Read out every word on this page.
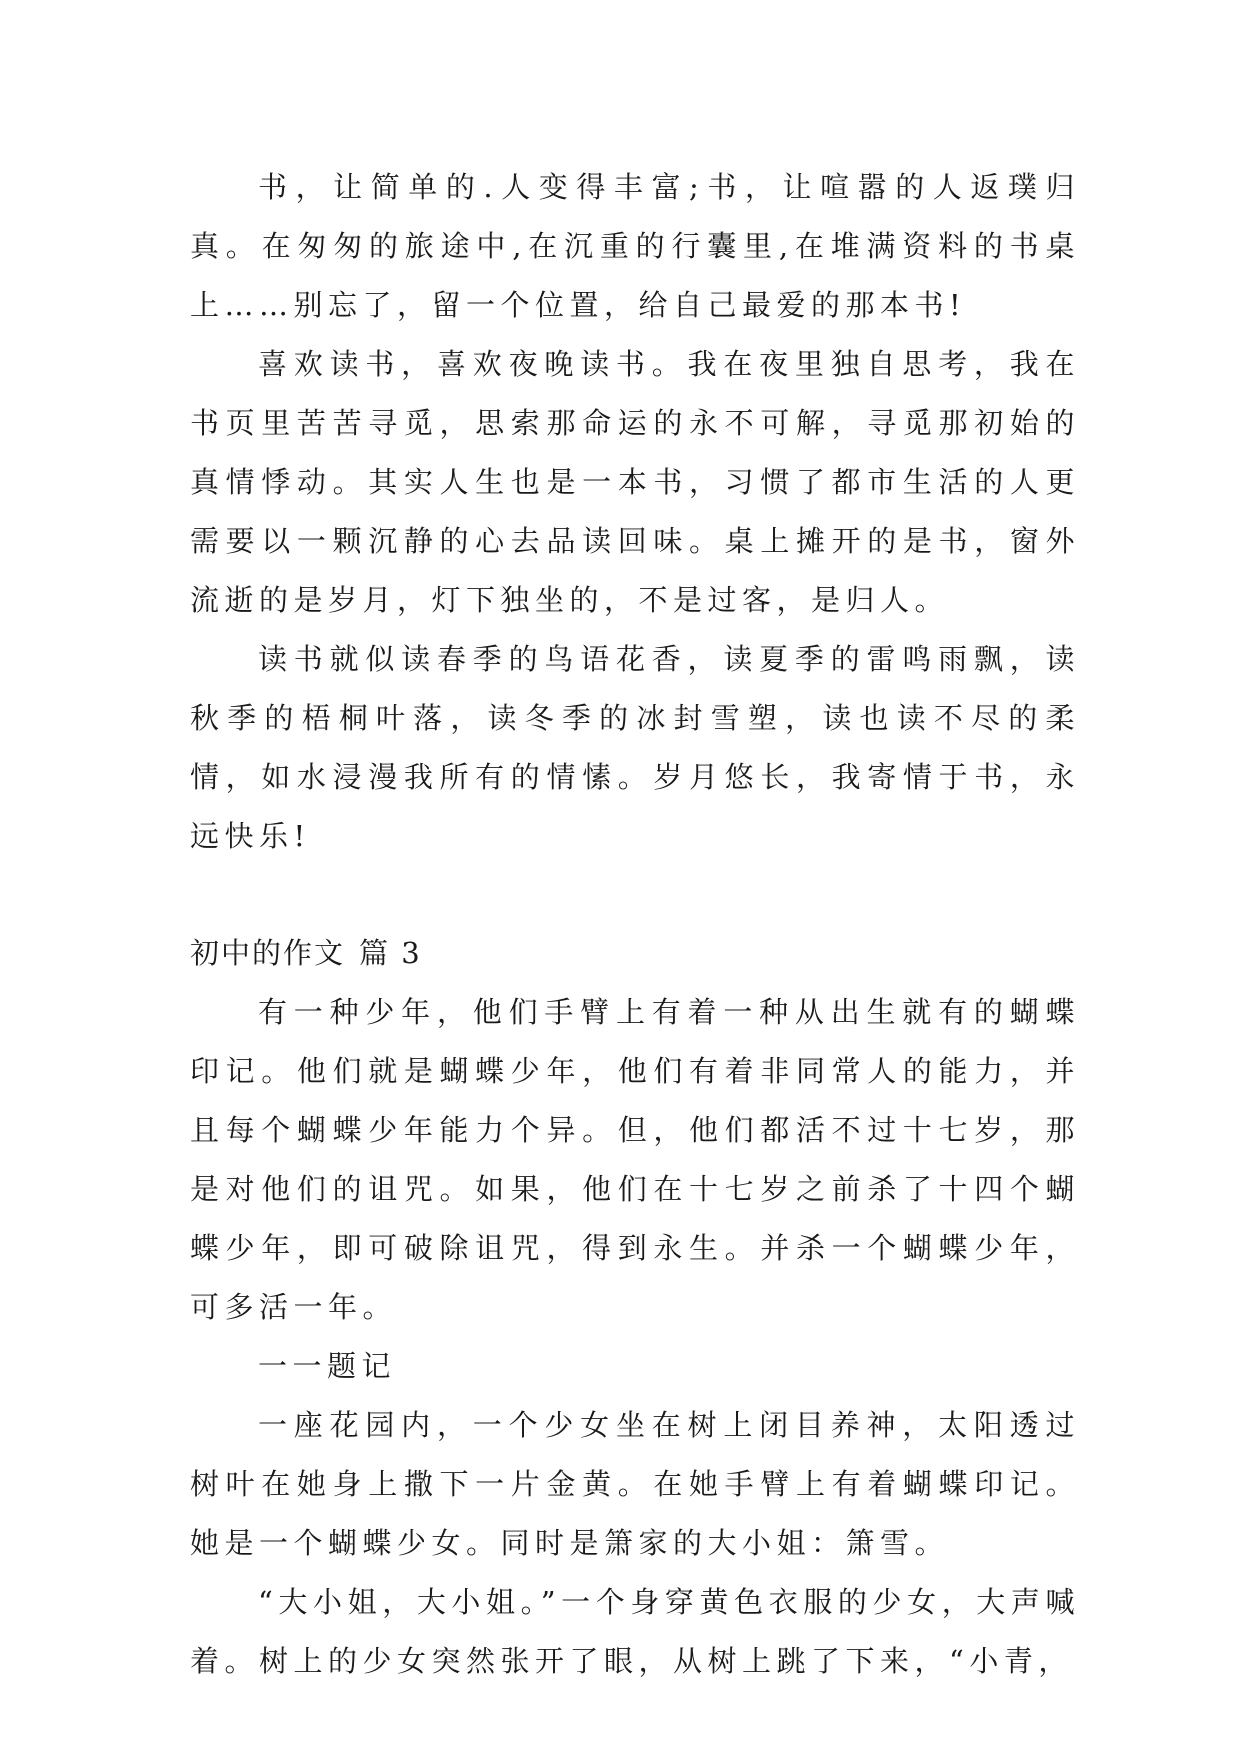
书，让简单的.人变得丰富;书，让喧嚣的人返璞归真。在匆匆的旅途中,在沉重的行囊里,在堆满资料的书桌上……别忘了，留一个位置，给自己最爱的那本书!

喜欢读书，喜欢夜晚读书。我在夜里独自思考，我在书页里苦苦寻觅，思索那命运的永不可解，寻觅那初始的真情悸动。其实人生也是一本书，习惯了都市生活的人更需要以一颗沉静的心去品读回味。桌上摊开的是书，窗外流逝的是岁月，灯下独坐的，不是过客，是归人。

读书就似读春季的鸟语花香，读夏季的雷鸣雨飘，读秋季的梧桐叶落，读冬季的冰封雪塑，读也读不尽的柔情，如水浸漫我所有的情愫。岁月悠长，我寄情于书，永远快乐!

初中的作文 篇 3

有一种少年，他们手臂上有着一种从出生就有的蝴蝶印记。他们就是蝴蝶少年，他们有着非同常人的能力，并且每个蝴蝶少年能力个异。但，他们都活不过十七岁，那是对他们的诅咒。如果，他们在十七岁之前杀了十四个蝴蝶少年，即可破除诅咒，得到永生。并杀一个蝴蝶少年，可多活一年。

一一题记

一座花园内，一个少女坐在树上闭目养神，太阳透过树叶在她身上撒下一片金黄。在她手臂上有着蝴蝶印记。她是一个蝴蝶少女。同时是箫家的大小姐：箫雪。

“大小姐，大小姐。”一个身穿黄色衣服的少女，大声喊着。树上的少女突然张开了眼，从树上跳了下来，“小青，
